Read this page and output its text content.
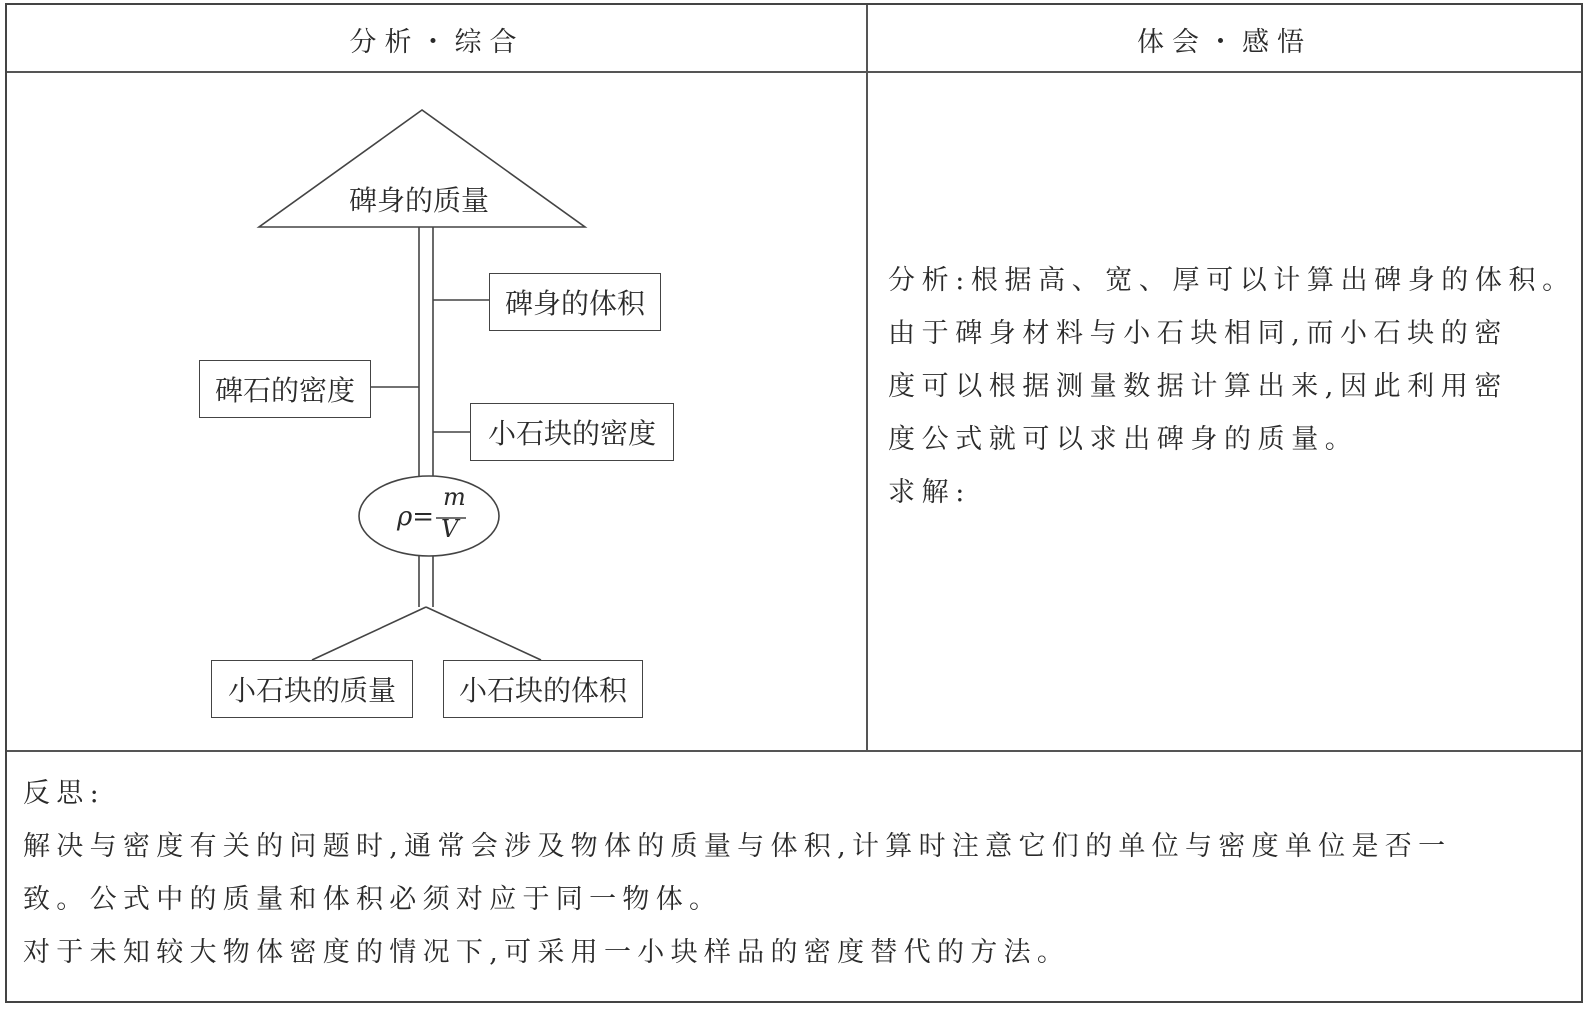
分析・综合	体会・感悟
碑身的质量
碑身的体积
碑石的密度
小石块的密度
ρ=
m
V
小石块的质量	小石块的体积
分析:根据高、宽、厚可以计算出碑身的体积。
由于碑身材料与小石块相同,而小石块的密
度可以根据测量数据计算出来,因此利用密
度公式就可以求出碑身的质量。
求解:
反思:
解决与密度有关的问题时,通常会涉及物体的质量与体积,计算时注意它们的单位与密度单位是否一
致。公式中的质量和体积必须对应于同一物体。
对于未知较大物体密度的情况下,可采用一小块样品的密度替代的方法。
